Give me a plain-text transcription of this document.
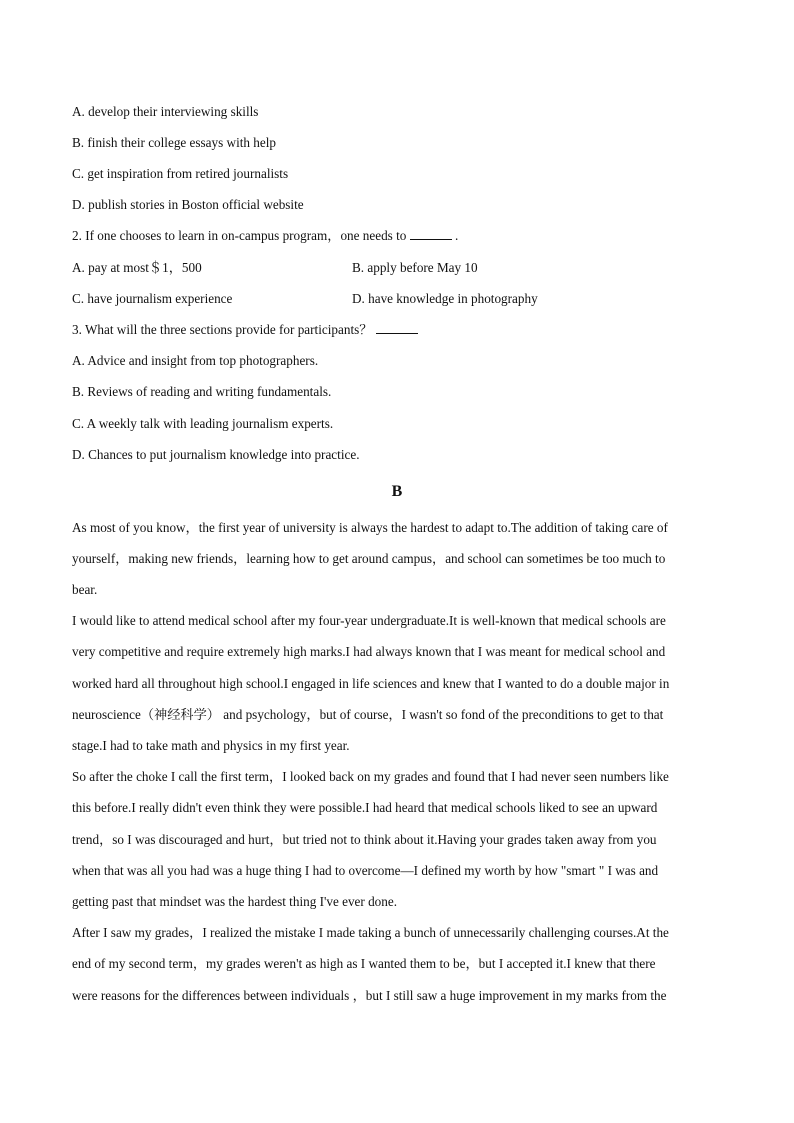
A. develop their interviewing skills
B. finish their college essays with help
C. get inspiration from retired journalists
D. publish stories in Boston official website
2. If one chooses to learn in on-campus program，one needs to	.
A. pay at most＄1，500	B. apply before May 10
C. have journalism experience	D. have knowledge in photography
3. What will the three sections provide for participants？
A. Advice and insight from top photographers.
B. Reviews of reading and writing fundamentals.
C. A weekly talk with leading journalism experts.
D. Chances to put journalism knowledge into practice.
B
As most of you know，the first year of university is always the hardest to adapt to.The addition of taking care of
yourself，making new friends，learning how to get around campus，and school can sometimes be too much to
bear.
I would like to attend medical school after my four-year undergraduate.It is well-known that medical schools are
very competitive and require extremely high marks.I had always known that I was meant for medical school and
worked hard all throughout high school.I engaged in life sciences and knew that I wanted to do a double major in
neuroscience（神经科学） and psychology，but of course，I wasn't so fond of the preconditions to get to that
stage.I had to take math and physics in my first year.
So after the choke I call the first term，I looked back on my grades and found that I had never seen numbers like
this before.I really didn't even think they were possible.I had heard that medical schools liked to see an upward
trend，so I was discouraged and hurt，but tried not to think about it.Having your grades taken away from you
when that was all you had was a huge thing I had to overcome—I defined my worth by how "smart " I was and
getting past that mindset was the hardest thing I've ever done.
After I saw my grades，I realized the mistake I made taking a bunch of unnecessarily challenging courses.At the
end of my second term，my grades weren't as high as I wanted them to be，but I accepted it.I knew that there
were reasons for the differences between individuals ，but I still saw a huge improvement in my marks from the
